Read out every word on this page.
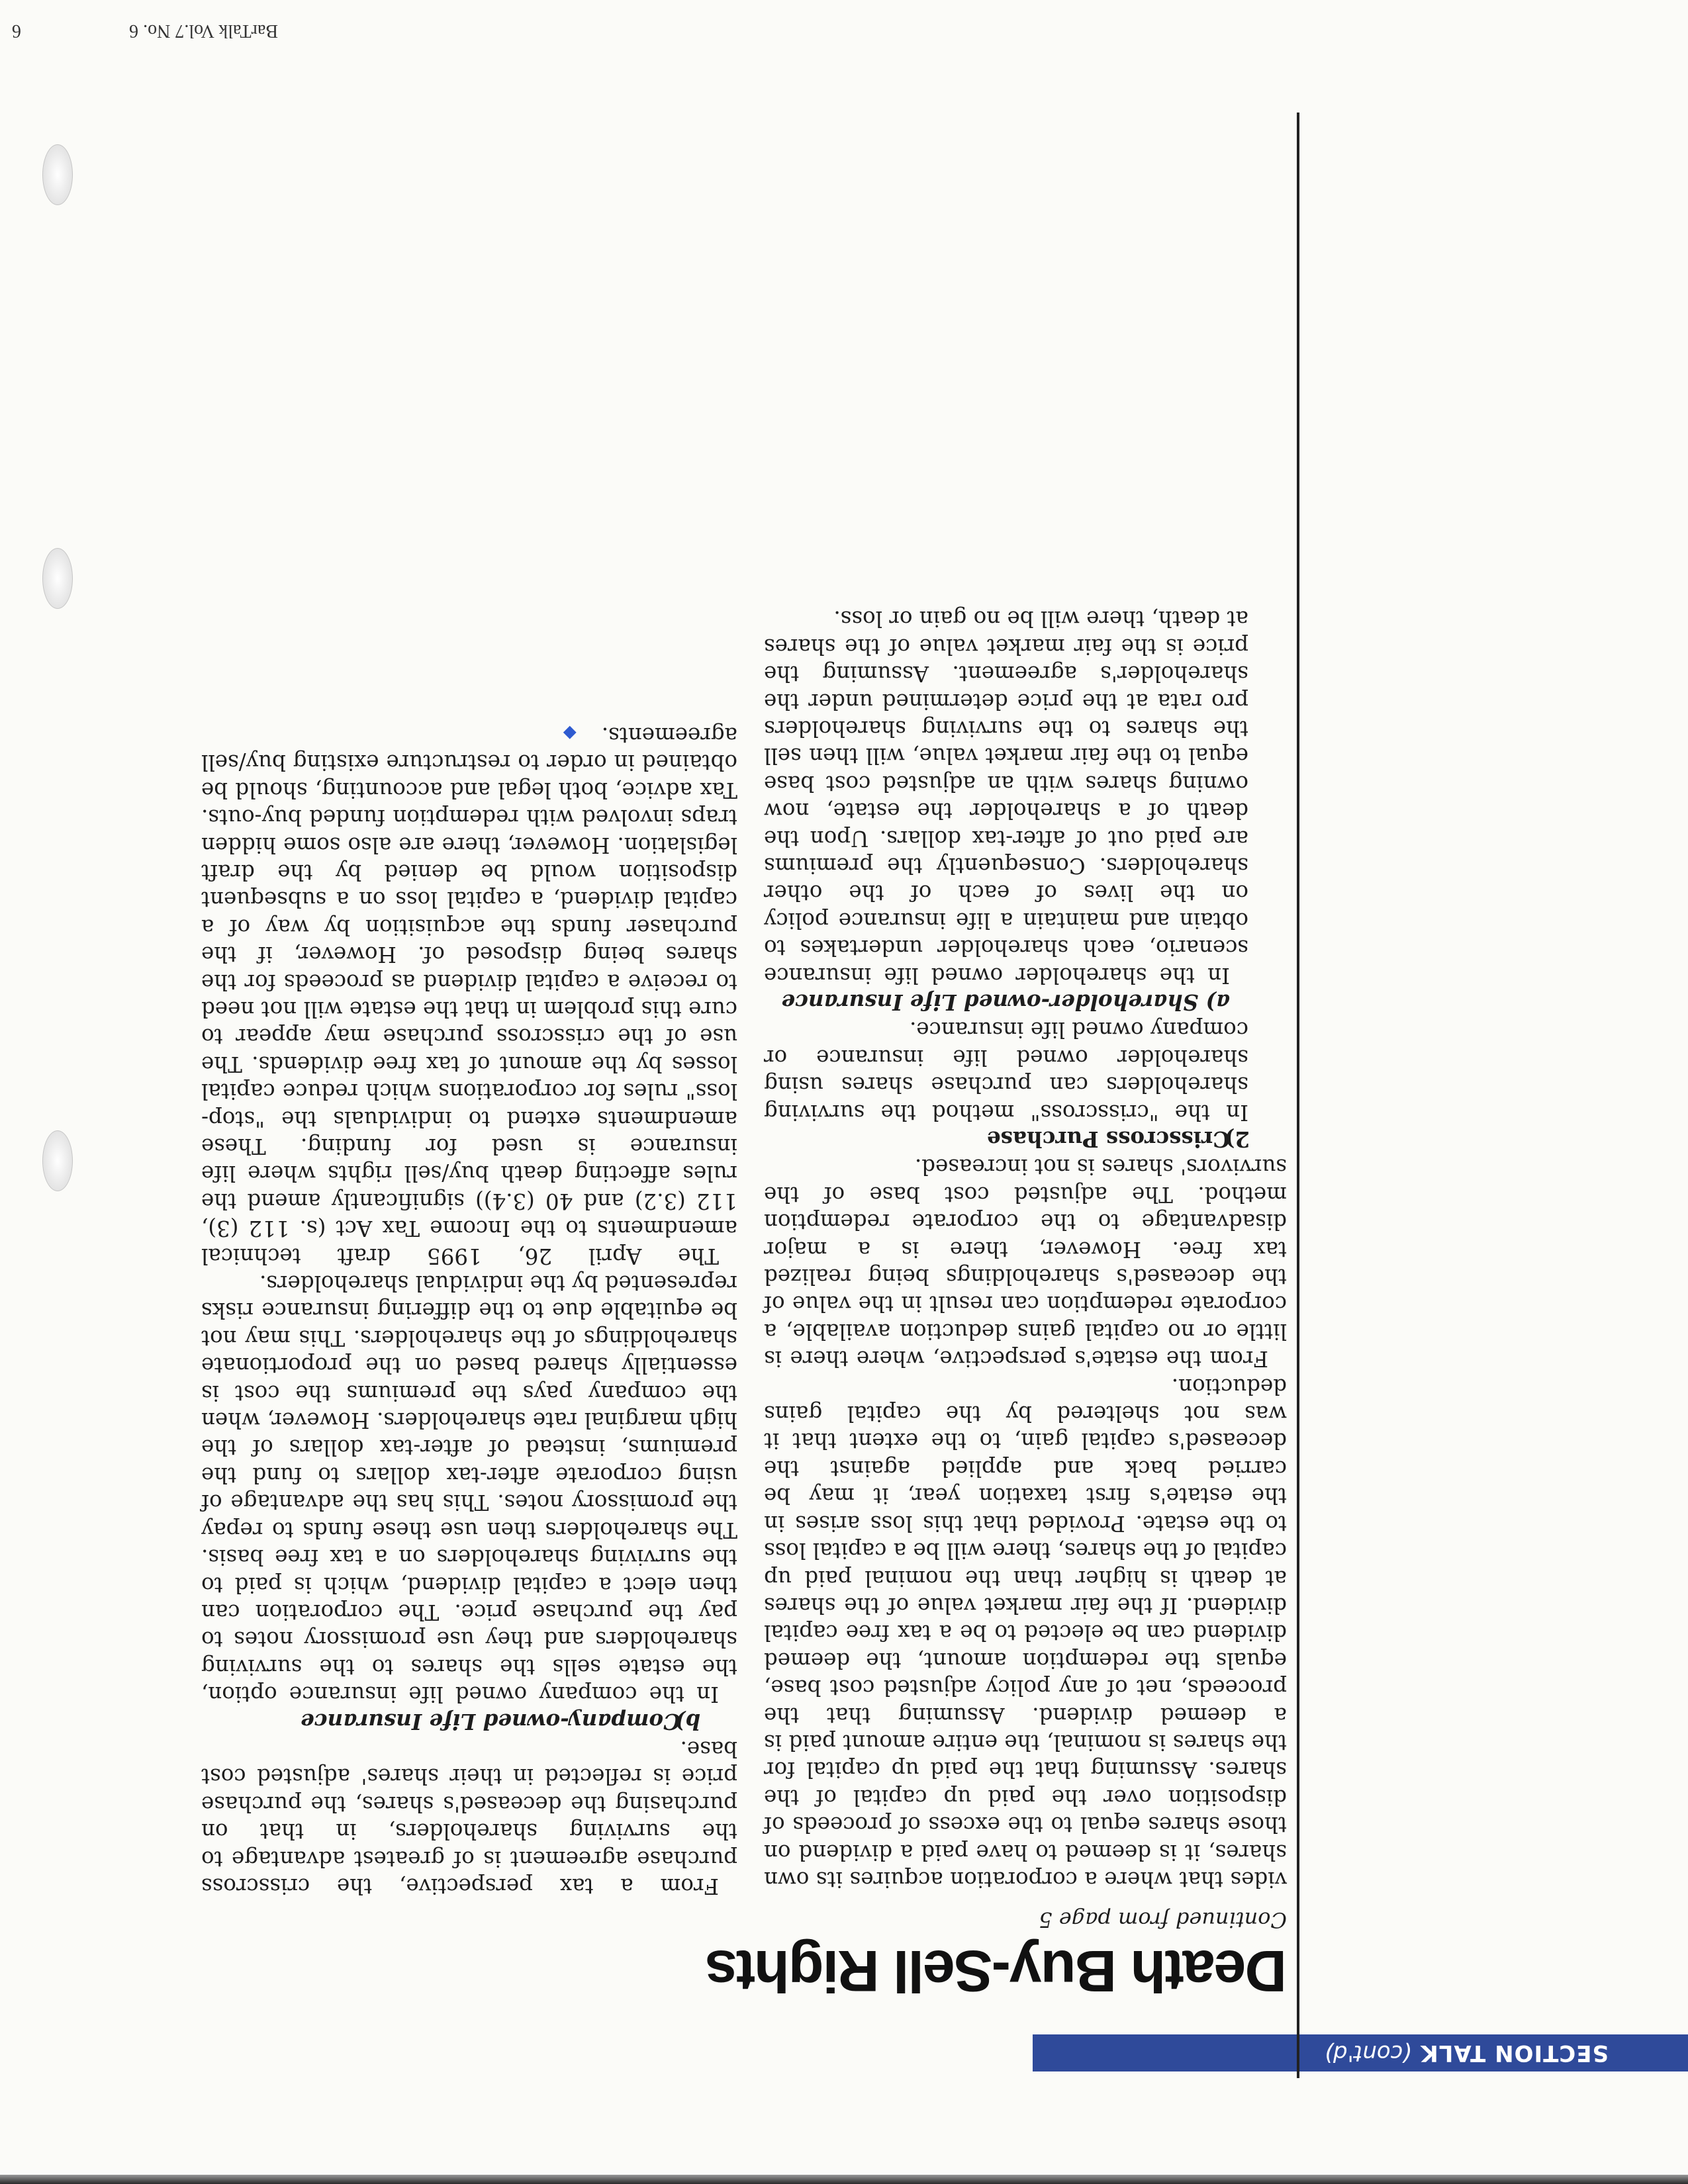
SECTION TALK (cont'd)
Death Buy-Sell Rights
Continued from page 5

vides that where a corporation acquires its own shares, it is deemed to have paid a dividend on those shares equal to the excess of proceeds of disposition over the paid up capital of the shares. Assuming that the paid up capital for the shares is nominal, the entire amount paid is a deemed dividend. Assuming that the proceeds, net of any policy adjusted cost base, equals the redemption amount, the deemed dividend can be elected to be a tax free capital dividend. If the fair market value of the shares at death is higher than the nominal paid up capital of the shares, there will be a capital loss to the estate. Provided that this loss arises in the estate's first taxation year, it may be carried back and applied against the deceased's capital gain, to the extent that it was not sheltered by the capital gains deduction.

From the estate's perspective, where there is little or no capital gains deduction available, a corporate redemption can result in the value of the deceased's shareholdings being realized tax free. However, there is a major disadvantage to the corporate redemption method. The adjusted cost base of the survivors' shares is not increased.

2)Crisscross Purchase

In the "crisscross" method the surviving shareholders can purchase shares using shareholder owned life insurance or company owned life insurance.

a) Shareholder-owned Life Insurance

In the shareholder owned life insurance scenario, each shareholder undertakes to obtain and maintain a life insurance policy on the lives of each of the other shareholders. Consequently the premiums are paid out of after-tax dollars. Upon the death of a shareholder the estate, now owning shares with an adjusted cost base equal to the fair market value, will then sell the shares to the surviving shareholders pro rata at the price determined under the shareholder's agreement. Assuming the price is the fair market value of the shares at death, there will be no gain or loss.

From a tax perspective, the crisscross purchase agreement is of greatest advantage to the surviving shareholders, in that on purchasing the deceased's shares, the purchase price is reflected in their shares' adjusted cost base.

b)Company-owned Life Insurance

In the company owned life insurance option, the estate sells the shares to the surviving shareholders and they use promissory notes to pay the purchase price. The corporation can then elect a capital dividend, which is paid to the surviving shareholders on a tax free basis. The shareholders then use these funds to repay the promissory notes. This has the advantage of using corporate after-tax dollars to fund the premiums, instead of after-tax dollars of the high marginal rate shareholders. However, when the company pays the premiums the cost is essentially shared based on the proportionate shareholdings of the shareholders. This may not be equitable due to the differing insurance risks represented by the individual shareholders.

The April 26, 1995 draft technical amendments to the Income Tax Act (s. 112 (3), 112 (3.2) and 40 (3.4)) significantly amend the rules affecting death buy/sell rights where life insurance is used for funding. These amendments extend to individuals the "stop-loss" rules for corporations which reduce capital losses by the amount of tax free dividends. The use of the crisscross purchase may appear to cure this problem in that the estate will not need to receive a capital dividend as proceeds for the shares being disposed of. However, if the purchaser funds the acquisition by way of a capital dividend, a capital loss on a subsequent disposition would be denied by the draft legislation. However, there are also some hidden traps involved with redemption funded buy-outs. Tax advice, both legal and accounting, should be obtained in order to restructure existing buy/sell agreements.◆

BarTalk Vol.7 No. 6
6
